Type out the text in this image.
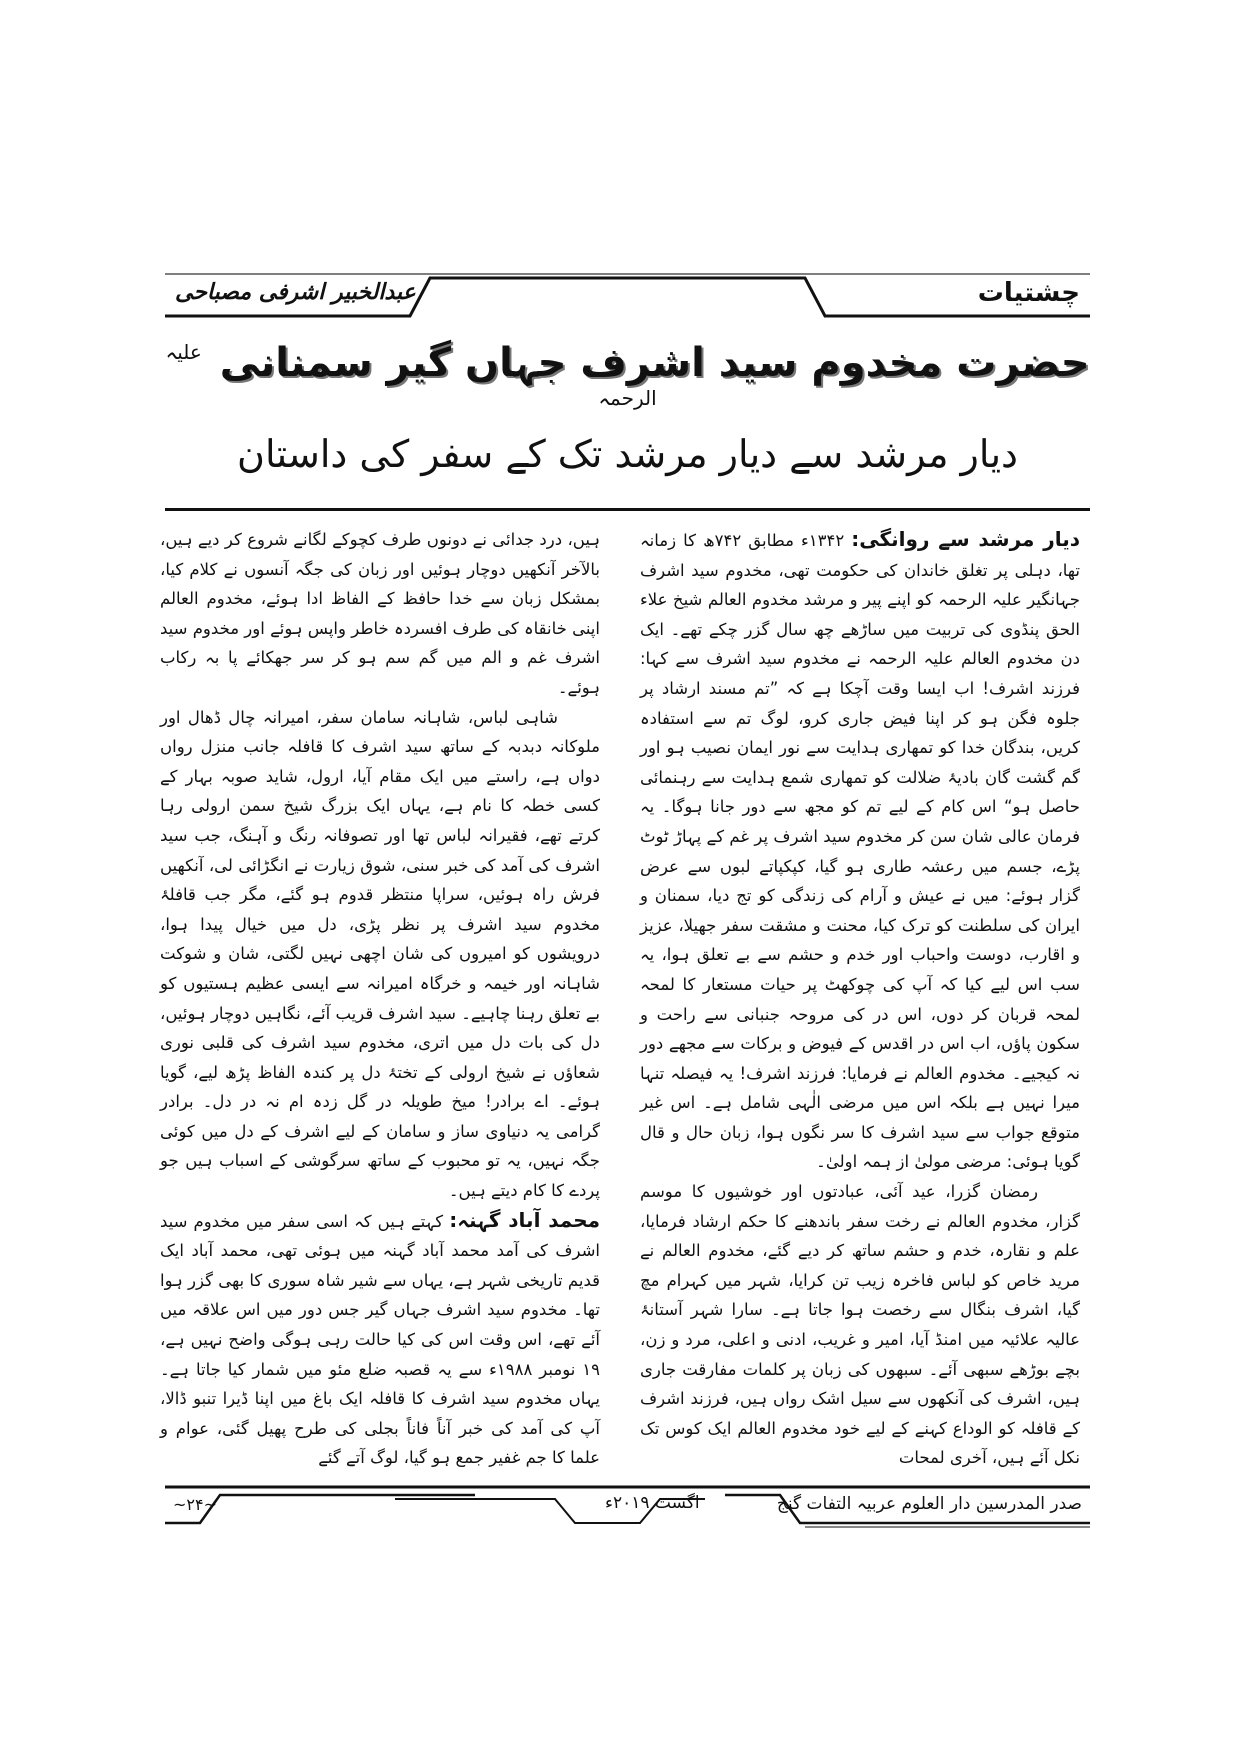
چشتیات
عبدالخبیر اشرفی مصباحی
حضرت مخدوم سید اشرف جہاں گیر سمنانی $^{علیہ الرحمہ}$
دیار مرشد سے دیار مرشد تک کے سفر کی داستان

دیار مرشد سے روانگی: ۱۳۴۲ء مطابق ۷۴۲ھ کا زمانہ تھا، دہلی پر تغلق خاندان کی حکومت تھی، مخدوم سید اشرف جہانگیر علیہ الرحمہ کو اپنے پیر و مرشد مخدوم العالم شیخ علاء الحق پنڈوی کی تربیت میں ساڑھے چھ سال گزر چکے تھے۔ ایک دن مخدوم العالم علیہ الرحمہ نے مخدوم سید اشرف سے کہا: فرزند اشرف! اب ایسا وقت آچکا ہے کہ ”تم مسند ارشاد پر جلوہ فگن ہو کر اپنا فیض جاری کرو، لوگ تم سے استفادہ کریں، بندگان خدا کو تمھاری ہدایت سے نور ایمان نصیب ہو اور گم گشت گان بادیۂ ضلالت کو تمھاری شمع ہدایت سے رہنمائی حاصل ہو“ اس کام کے لیے تم کو مجھ سے دور جانا ہوگا۔ یہ فرمان عالی شان سن کر مخدوم سید اشرف پر غم کے پہاڑ ٹوٹ پڑے، جسم میں رعشہ طاری ہو گیا، کپکپاتے لبوں سے عرض گزار ہوئے: میں نے عیش و آرام کی زندگی کو تج دیا، سمنان و ایران کی سلطنت کو ترک کیا، محنت و مشقت سفر جھیلا، عزیز و اقارب، دوست واحباب اور خدم و حشم سے بے تعلق ہوا، یہ سب اس لیے کیا کہ آپ کی چوکھٹ پر حیات مستعار کا لمحہ لمحہ قربان کر دوں، اس در کی مروحہ جنبانی سے راحت و سکون پاؤں، اب اس در اقدس کے فیوض و برکات سے مجھے دور نہ کیجیے۔ مخدوم العالم نے فرمایا: فرزند اشرف! یہ فیصلہ تنہا میرا نہیں ہے بلکہ اس میں مرضی الٰہی شامل ہے۔ اس غیر متوقع جواب سے سید اشرف کا سر نگوں ہوا، زبان حال و قال گویا ہوئی: مرضی مولیٰ از ہمہ اولیٰ۔

رمضان گزرا، عید آئی، عبادتوں اور خوشیوں کا موسم گزار، مخدوم العالم نے رخت سفر باندھنے کا حکم ارشاد فرمایا، علم و نقارہ، خدم و حشم ساتھ کر دیے گئے، مخدوم العالم نے مرید خاص کو لباس فاخرہ زیب تن کرایا، شہر میں کہرام مچ گیا، اشرف بنگال سے رخصت ہوا جاتا ہے۔ سارا شہر آستانۂ عالیہ علائیہ میں امنڈ آیا، امیر و غریب، ادنی و اعلی، مرد و زن، بچے بوڑھے سبھی آئے۔ سبھوں کی زبان پر کلمات مفارقت جاری ہیں، اشرف کی آنکھوں سے سیل اشک رواں ہیں، فرزند اشرف کے قافلہ کو الوداع کہنے کے لیے خود مخدوم العالم ایک کوس تک نکل آئے ہیں، آخری لمحات

ہیں، درد جدائی نے دونوں طرف کچوکے لگانے شروع کر دیے ہیں، بالآخر آنکھیں دوچار ہوئیں اور زبان کی جگہ آنسوں نے کلام کیا، بمشکل زبان سے خدا حافظ کے الفاظ ادا ہوئے، مخدوم العالم اپنی خانقاہ کی طرف افسردہ خاطر واپس ہوئے اور مخدوم سید اشرف غم و الم میں گم سم ہو کر سر جھکائے پا بہ رکاب ہوئے۔

شاہی لباس، شاہانہ سامان سفر، امیرانہ چال ڈھال اور ملوکانہ دبدبہ کے ساتھ سید اشرف کا قافلہ جانب منزل رواں دواں ہے، راستے میں ایک مقام آیا، ارول، شاید صوبہ بہار کے کسی خطہ کا نام ہے، یہاں ایک بزرگ شیخ سمن ارولی رہا کرتے تھے، فقیرانہ لباس تھا اور تصوفانہ رنگ و آہنگ، جب سید اشرف کی آمد کی خبر سنی، شوق زیارت نے انگڑائی لی، آنکھیں فرش راہ ہوئیں، سراپا منتظر قدوم ہو گئے، مگر جب قافلۂ مخدوم سید اشرف پر نظر پڑی، دل میں خیال پیدا ہوا، درویشوں کو امیروں کی شان اچھی نہیں لگتی، شان و شوکت شاہانہ اور خیمہ و خرگاہ امیرانہ سے ایسی عظیم ہستیوں کو بے تعلق رہنا چاہیے۔ سید اشرف قریب آئے، نگاہیں دوچار ہوئیں، دل کی بات دل میں اتری، مخدوم سید اشرف کی قلبی نوری شعاؤں نے شیخ ارولی کے تختۂ دل پر کندہ الفاظ پڑھ لیے، گویا ہوئے۔ اے برادر! میخ طویلہ در گل زدہ ام نہ در دل۔ برادر گرامی یہ دنیاوی ساز و سامان کے لیے اشرف کے دل میں کوئی جگہ نہیں، یہ تو محبوب کے ساتھ سرگوشی کے اسباب ہیں جو پردے کا کام دیتے ہیں۔

محمد آباد گہنہ: کہتے ہیں کہ اسی سفر میں مخدوم سید اشرف کی آمد محمد آباد گہنہ میں ہوئی تھی، محمد آباد ایک قدیم تاریخی شہر ہے، یہاں سے شیر شاہ سوری کا بھی گزر ہوا تھا۔ مخدوم سید اشرف جہاں گیر جس دور میں اس علاقہ میں آئے تھے، اس وقت اس کی کیا حالت رہی ہوگی واضح نہیں ہے، ۱۹ نومبر ۱۹۸۸ء سے یہ قصبہ ضلع مئو میں شمار کیا جاتا ہے۔ یہاں مخدوم سید اشرف کا قافلہ ایک باغ میں اپنا ڈیرا تنبو ڈالا، آپ کی آمد کی خبر آناً فاناً بجلی کی طرح پھیل گئی، عوام و علما کا جم غفیر جمع ہو گیا، لوگ آتے گئے

صدر المدرسین دار العلوم عربیہ التفات گنج
اگست ۲۰۱۹ء
~۲۴~
